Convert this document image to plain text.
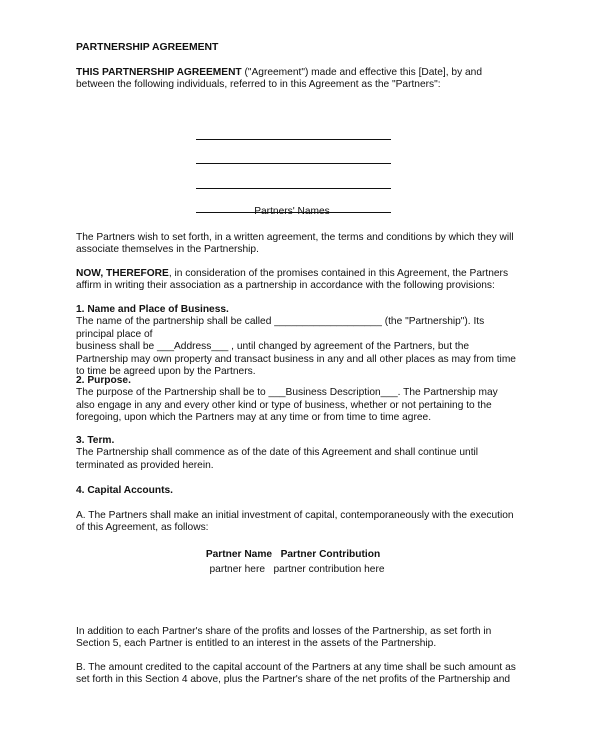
PARTNERSHIP AGREEMENT
THIS PARTNERSHIP AGREEMENT ("Agreement") made and effective this [Date], by and
between the following individuals, referred to in this Agreement as the "Partners":
Partners' Names
The Partners wish to set forth, in a written agreement, the terms and conditions by which they will
associate themselves in the Partnership.
NOW, THEREFORE, in consideration of the promises contained in this Agreement, the Partners
affirm in writing their association as a partnership in accordance with the following provisions:
1. Name and Place of Business.
The name of the partnership shall be called ___________________ (the "Partnership"). Its principal place of
business shall be ___Address___ , until changed by agreement of the Partners, but the
Partnership may own property and transact business in any and all other places as may from time
to time be agreed upon by the Partners.
2. Purpose.
The purpose of the Partnership shall be to ___Business Description___. The Partnership may
also engage in any and every other kind or type of business, whether or not pertaining to the
foregoing, upon which the Partners may at any time or from time to time agree.
3. Term.
The Partnership shall commence as of the date of this Agreement and shall continue until
terminated as provided herein.
4. Capital Accounts.
A. The Partners shall make an initial investment of capital, contemporaneously with the execution
of this Agreement, as follows:
Partner Name Partner Contribution
partner here partner contribution here
In addition to each Partner's share of the profits and losses of the Partnership, as set forth in
Section 5, each Partner is entitled to an interest in the assets of the Partnership.
B. The amount credited to the capital account of the Partners at any time shall be such amount as
set forth in this Section 4 above, plus the Partner's share of the net profits of the Partnership and
